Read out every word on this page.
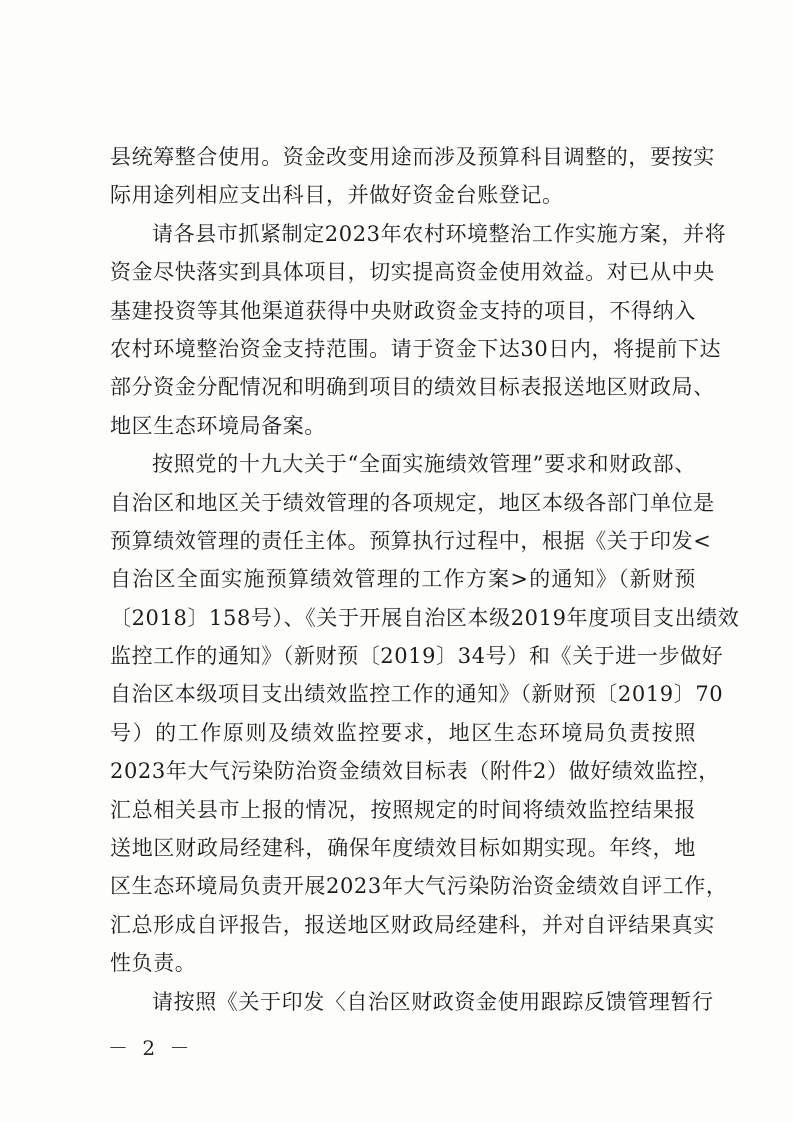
县统筹整合使用。资金改变用途而涉及预算科目调整的，要按实
际用途列相应支出科目，并做好资金台账登记。
请各县市抓紧制定2023年农村环境整治工作实施方案，并将
资金尽快落实到具体项目，切实提高资金使用效益。对已从中央
基建投资等其他渠道获得中央财政资金支持的项目，不得纳入
农村环境整治资金支持范围。请于资金下达30日内，将提前下达
部分资金分配情况和明确到项目的绩效目标表报送地区财政局、
地区生态环境局备案。
按照党的十九大关于“全面实施绩效管理”要求和财政部、
自治区和地区关于绩效管理的各项规定，地区本级各部门单位是
预算绩效管理的责任主体。预算执行过程中，根据《关于印发<
自治区全面实施预算绩效管理的工作方案>的通知》（新财预
〔2018〕158号）、《关于开展自治区本级2019年度项目支出绩效
监控工作的通知》（新财预〔2019〕34号）和《关于进一步做好
自治区本级项目支出绩效监控工作的通知》（新财预〔2019〕70
号）的工作原则及绩效监控要求，地区生态环境局负责按照
2023年大气污染防治资金绩效目标表（附件2）做好绩效监控，
汇总相关县市上报的情况，按照规定的时间将绩效监控结果报
送地区财政局经建科，确保年度绩效目标如期实现。年终，地
区生态环境局负责开展2023年大气污染防治资金绩效自评工作，
汇总形成自评报告，报送地区财政局经建科，并对自评结果真实
性负责。
请按照《关于印发〈自治区财政资金使用跟踪反馈管理暂行
－ 2 －
